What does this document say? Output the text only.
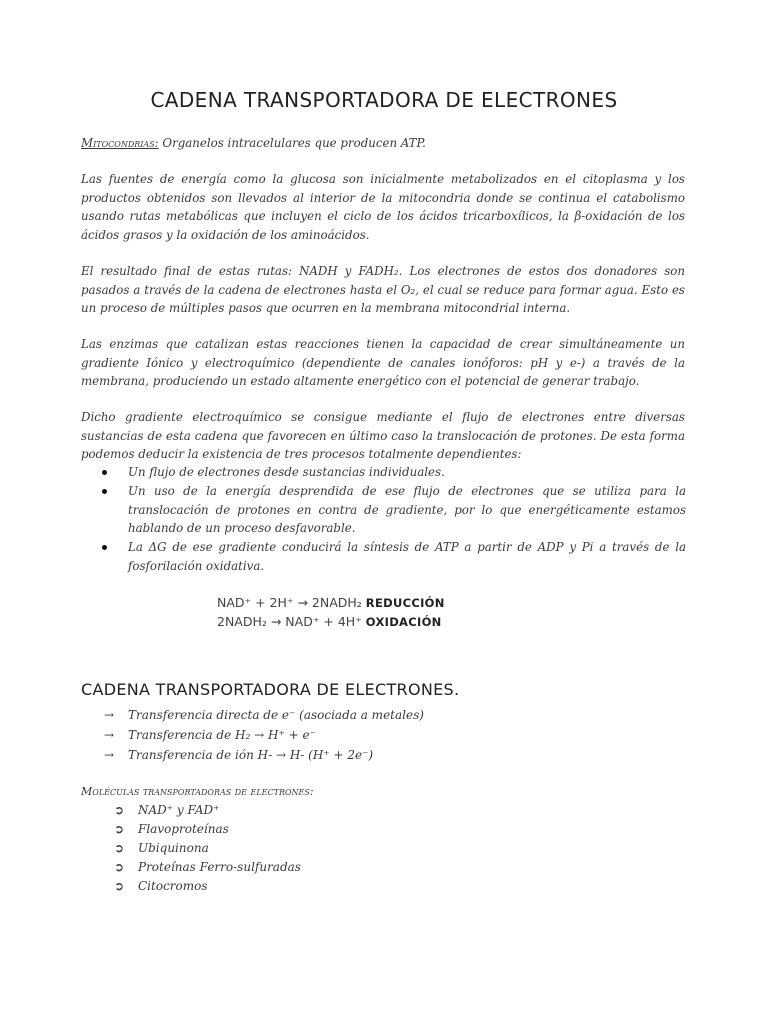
CADENA TRANSPORTADORA DE ELECTRONES
Mitocondrias: Organelos intracelulares que producen ATP.
Las fuentes de energía como la glucosa son inicialmente metabolizados en el citoplasma y los productos obtenidos son llevados al interior de la mitocondria donde se continua el catabolismo usando rutas metabólicas que incluyen el ciclo de los ácidos tricarboxílicos, la β-oxidación de los ácidos grasos y la oxidación de los aminoácidos.
El resultado final de estas rutas: NADH y FADH₂. Los electrones de estos dos donadores son pasados a través de la cadena de electrones hasta el O₂, el cual se reduce para formar agua. Esto es un proceso de múltiples pasos que ocurren en la membrana mitocondrial interna.
Las enzimas que catalizan estas reacciones tienen la capacidad de crear simultáneamente un gradiente Iónico y electroquímico (dependiente de canales ionóforos: pH y e-) a través de la membrana, produciendo un estado altamente energético con el potencial de generar trabajo.
Dicho gradiente electroquímico se consigue mediante el flujo de electrones entre diversas sustancias de esta cadena que favorecen en último caso la translocación de protones. De esta forma podemos deducir la existencia de tres procesos totalmente dependientes:
Un flujo de electrones desde sustancias individuales.
Un uso de la energía desprendida de ese flujo de electrones que se utiliza para la translocación de protones en contra de gradiente, por lo que energéticamente estamos hablando de un proceso desfavorable.
La ΔG de ese gradiente conducirá la síntesis de ATP a partir de ADP y Pi a través de la fosforilación oxidativa.
NAD⁺ + 2H⁺ → 2NADH₂ REDUCCIÓN
2NADH₂ → NAD⁺ + 4H⁺ OXIDACIÓN
CADENA TRANSPORTADORA DE ELECTRONES.
→ Transferencia directa de e⁻ (asociada a metales)
→ Transferencia de H₂ → H⁺ + e⁻
→ Transferencia de ión H- → H- (H⁺ + 2e⁻)
Moléculas transportadoras de electrones:
➲ NAD⁺ y FAD⁺
➲ Flavoproteínas
➲ Ubiquinona
➲ Proteínas Ferro-sulfuradas
➲ Citocromos
